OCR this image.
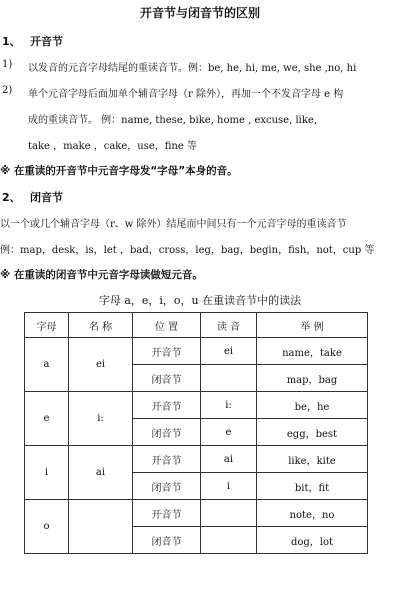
开音节与闭音节的区别
1、 开音节
1) 以发音的元音字母结尾的重读音节。例：be, he, hi, me, we, she ,no, hi
2) 单个元音字母后面加单个辅音字母（r 除外），再加一个不发音字母 e 构
成的重读音节。 例：name, these, bike, home , excuse, like,
take ，make ，cake，use，fine 等
※ 在重读的开音节中元音字母发“字母”本身的音。
2、 闭音节
以一个或几个辅音字母（r、w 除外）结尾而中间只有一个元音字母的重读音节
例：map，desk，is，let ，bad，cross，leg，bag，begin，fish，not，cup 等
※ 在重读的闭音节中元音字母读做短元音。
字母 a，e，i，o，u 在重读音节中的读法
字母	名 称	位 置	读 音	举 例
a	ei	开音节	ei	name，take
		闭音节		map，bag
e	i:	开音节	i:	be，he
		闭音节	e	egg，best
i	ai	开音节	ai	like，kite
		闭音节	i	bit，fit
o		开音节		note，no
		闭音节		dog，lot
